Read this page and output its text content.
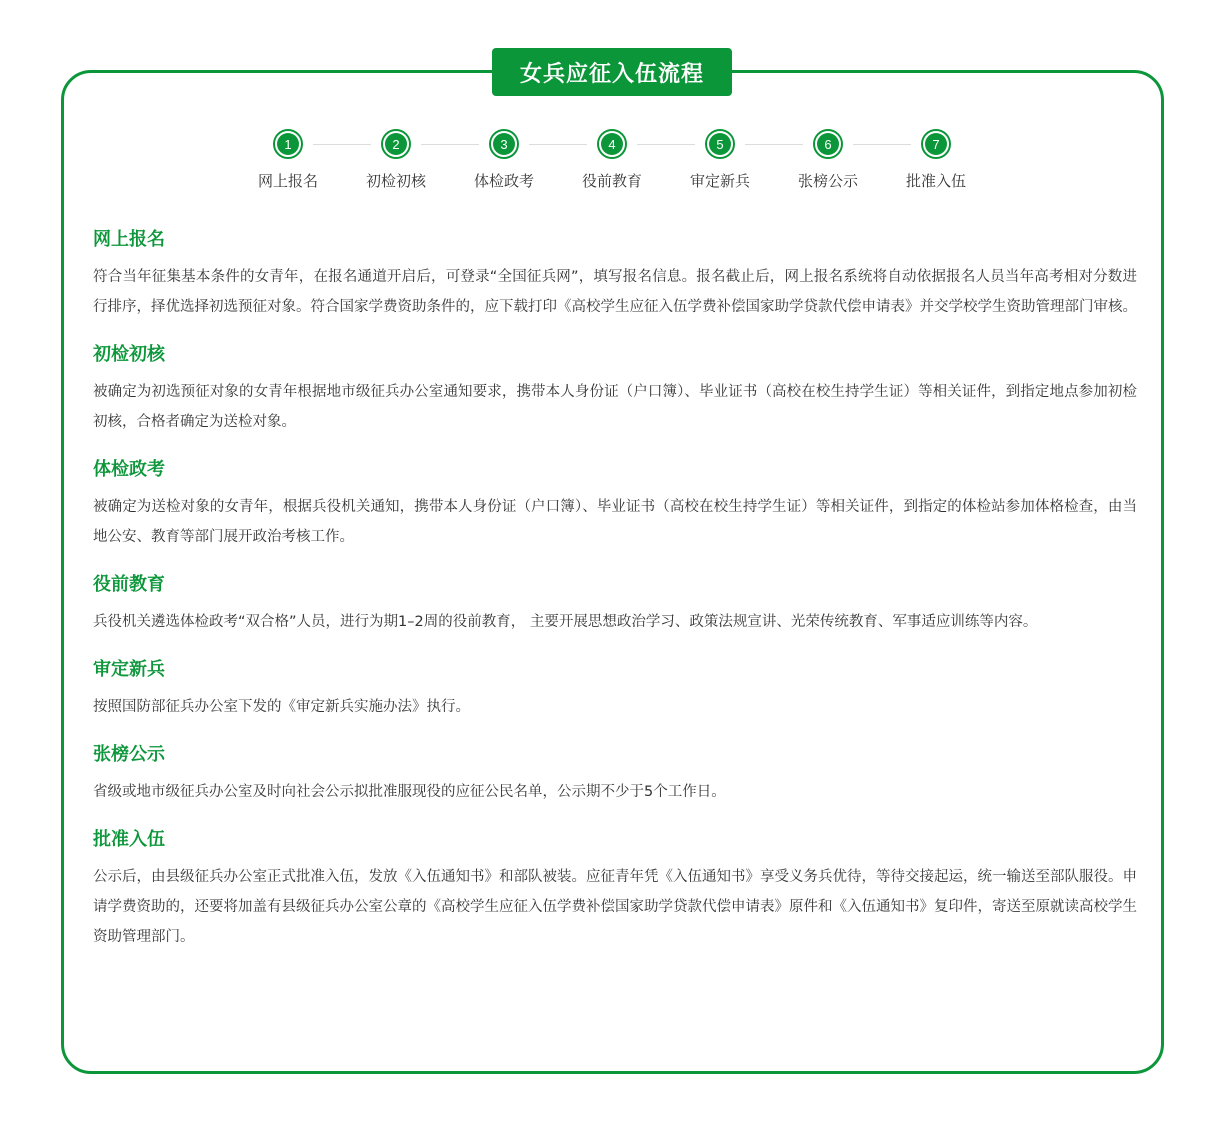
女兵应征入伍流程
1
网上报名
2
初检初核
3
体检政考
4
役前教育
5
审定新兵
6
张榜公示
7
批准入伍
网上报名

符合当年征集基本条件的女青年，在报名通道开启后，可登录“全国征兵网”，填写报名信息。报名截止后，网上报名系统将自动依据报名人员当年高考相对分数进行排序，择优选择初选预征对象。符合国家学费资助条件的，应下载打印《高校学生应征入伍学费补偿国家助学贷款代偿申请表》并交学校学生资助管理部门审核。

初检初核

被确定为初选预征对象的女青年根据地市级征兵办公室通知要求，携带本人身份证（户口簿）、毕业证书（高校在校生持学生证）等相关证件，到指定地点参加初检初核，合格者确定为送检对象。

体检政考

被确定为送检对象的女青年，根据兵役机关通知，携带本人身份证（户口簿）、毕业证书（高校在校生持学生证）等相关证件，到指定的体检站参加体格检查，由当地公安、教育等部门展开政治考核工作。

役前教育

兵役机关遴选体检政考“双合格”人员，进行为期1–2周的役前教育， 主要开展思想政治学习、政策法规宣讲、光荣传统教育、军事适应训练等内容。

审定新兵

按照国防部征兵办公室下发的《审定新兵实施办法》执行。

张榜公示

省级或地市级征兵办公室及时向社会公示拟批准服现役的应征公民名单，公示期不少于5个工作日。

批准入伍

公示后，由县级征兵办公室正式批准入伍，发放《入伍通知书》和部队被装。应征青年凭《入伍通知书》享受义务兵优待，等待交接起运，统一输送至部队服役。申请学费资助的，还要将加盖有县级征兵办公室公章的《高校学生应征入伍学费补偿国家助学贷款代偿申请表》原件和《入伍通知书》复印件，寄送至原就读高校学生资助管理部门。
